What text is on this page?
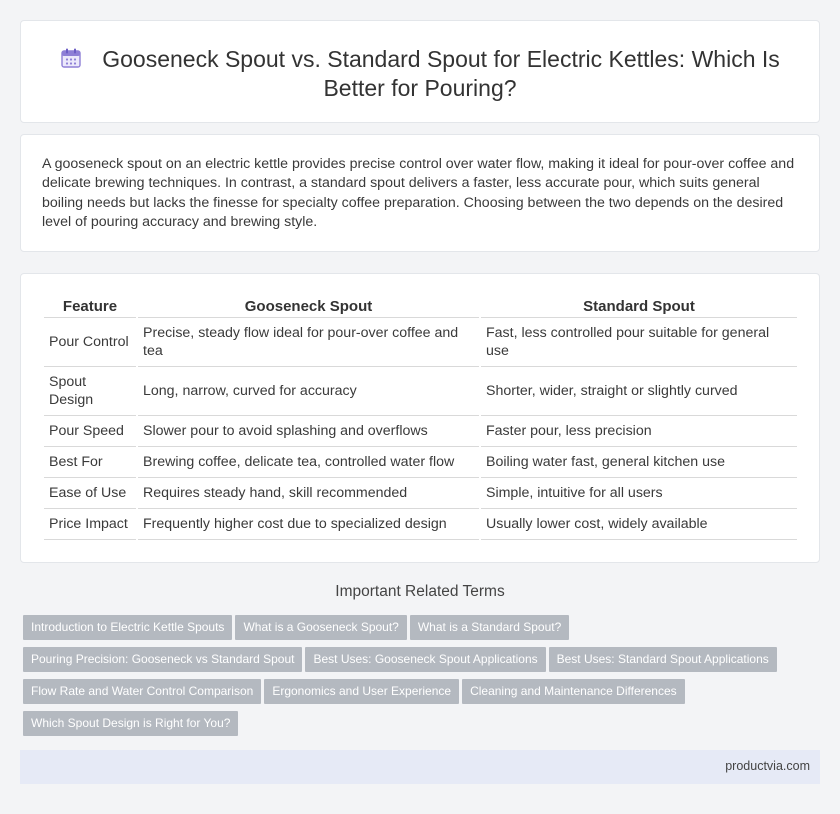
Gooseneck Spout vs. Standard Spout for Electric Kettles: Which Is Better for Pouring?

A gooseneck spout on an electric kettle provides precise control over water flow, making it ideal for pour-over coffee and delicate brewing techniques. In contrast, a standard spout delivers a faster, less accurate pour, which suits general boiling needs but lacks the finesse for specialty coffee preparation. Choosing between the two depends on the desired level of pouring accuracy and brewing style.

Feature	Gooseneck Spout	Standard Spout
Pour Control	Precise, steady flow ideal for pour-over coffee and tea	Fast, less controlled pour suitable for general use
Spout Design	Long, narrow, curved for accuracy	Shorter, wider, straight or slightly curved
Pour Speed	Slower pour to avoid splashing and overflows	Faster pour, less precision
Best For	Brewing coffee, delicate tea, controlled water flow	Boiling water fast, general kitchen use
Ease of Use	Requires steady hand, skill recommended	Simple, intuitive for all users
Price Impact	Frequently higher cost due to specialized design	Usually lower cost, widely available
Important Related Terms
Introduction to Electric Kettle Spouts What is a Gooseneck Spout? What is a Standard Spout?
Pouring Precision: Gooseneck vs Standard Spout Best Uses: Gooseneck Spout Applications Best Uses: Standard Spout Applications
Flow Rate and Water Control Comparison Ergonomics and User Experience Cleaning and Maintenance Differences
Which Spout Design is Right for You?
productvia.com
